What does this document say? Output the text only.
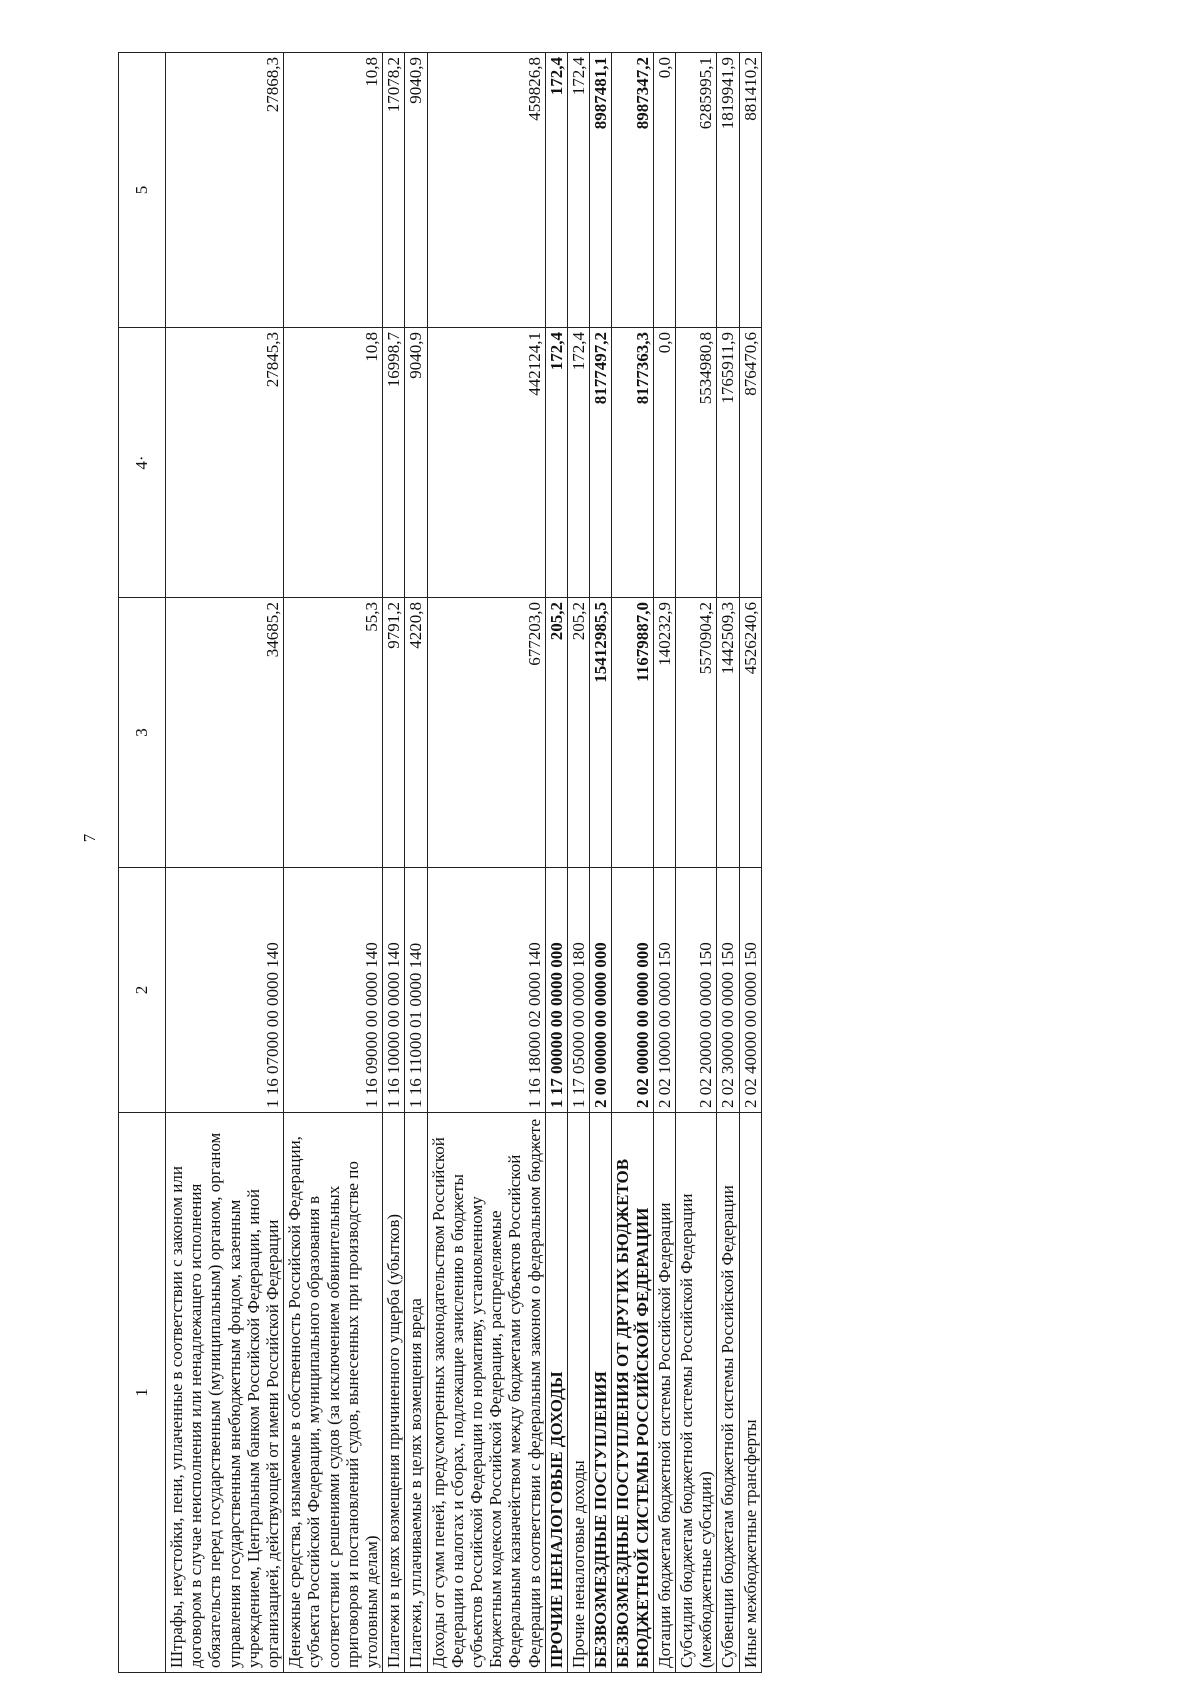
7
1	2	3	4·	5
Штрафы, неустойки, пени, уплаченные в соответствии с законом или договором в случае неисполнения или ненадлежащего исполнения обязательств перед государственным (муниципальным) органом, органом управления государственным внебюджетным фондом, казенным учреждением, Центральным банком Российской Федерации, иной организацией, действующей от имени Российской Федерации	1 16 07000 00 0000 140	34685,2	27845,3	27868,3
Денежные средства, изымаемые в собственность Российской Федерации, субъекта Российской Федерации, муниципального образования в соответствии с решениями судов (за исключением обвинительных приговоров и постановлений судов, вынесенных при производстве по уголовным делам)	1 16 09000 00 0000 140	55,3	10,8	10,8
Платежи в целях возмещения причиненного ущерба (убытков)	1 16 10000 00 0000 140	9791,2	16998,7	17078,2
Платежи, уплачиваемые в целях возмещения вреда	1 16 11000 01 0000 140	4220,8	9040,9	9040,9
Доходы от сумм пеней, предусмотренных законодательством Российской Федерации о налогах и сборах, подлежащие зачислению в бюджеты субъектов Российской Федерации по нормативу, установленному Бюджетным кодексом Российской Федерации, распределяемые Федеральным казначейством между бюджетами субъектов Российской Федерации в соответствии с федеральным законом о федеральном бюджете	1 16 18000 02 0000 140	677203,0	442124,1	459826,8
ПРОЧИЕ НЕНАЛОГОВЫЕ ДОХОДЫ	1 17 00000 00 0000 000	205,2	172,4	172,4
Прочие неналоговые доходы	1 17 05000 00 0000 180	205,2	172,4	172,4
БЕЗВОЗМЕЗДНЫЕ ПОСТУПЛЕНИЯ	2 00 00000 00 0000 000	15412985,5	8177497,2	8987481,1
БЕЗВОЗМЕЗДНЫЕ ПОСТУПЛЕНИЯ ОТ ДРУГИХ БЮДЖЕТОВ БЮДЖЕТНОЙ СИСТЕМЫ РОССИЙСКОЙ ФЕДЕРАЦИИ	2 02 00000 00 0000 000	11679887,0	8177363,3	8987347,2
Дотации бюджетам бюджетной системы Российской Федерации	2 02 10000 00 0000 150	140232,9	0,0	0,0
Субсидии бюджетам бюджетной системы Российской Федерации (межбюджетные субсидии)	2 02 20000 00 0000 150	5570904,2	5534980,8	6285995,1
Субвенции бюджетам бюджетной системы Российской Федерации	2 02 30000 00 0000 150	1442509,3	1765911,9	1819941,9
Иные межбюджетные трансферты	2 02 40000 00 0000 150	4526240,6	876470,6	881410,2
